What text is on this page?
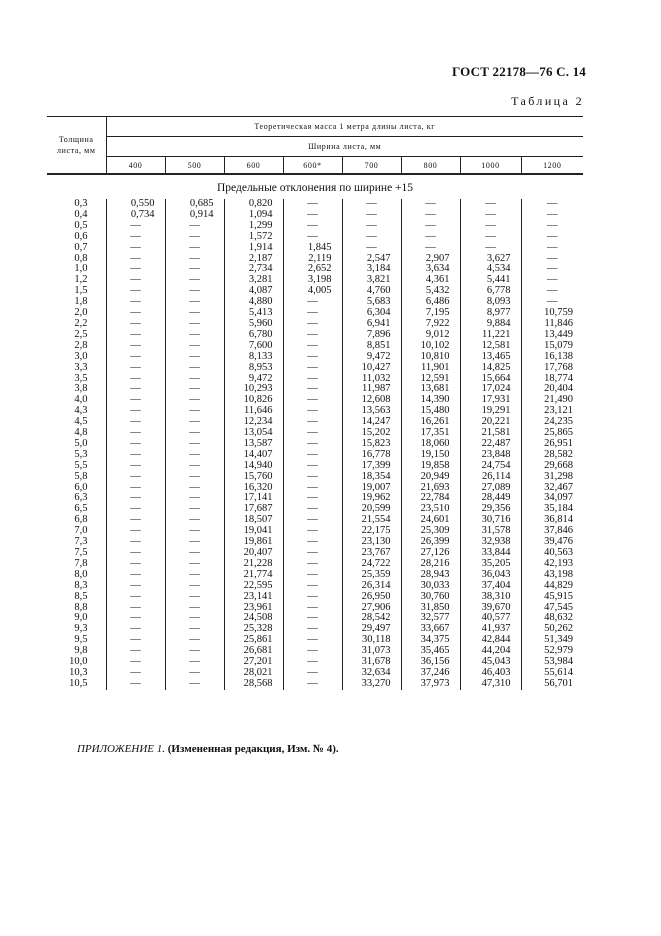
ГОСТ 22178—76 С. 14
Таблица 2
Толщина листа, мм	Теоретическая масса 1 метра длины листа, кг							
	Ширина листа, мм							
	400	500	600	600*	700	800	1000	1200
Предельные отклонения по ширине +15								
0,3	0,550	0,685	0,820	—	—	—	—	—
0,4	0,734	0,914	1,094	—	—	—	—	—
0,5	—	—	1,299	—	—	—	—	—
0,6	—	—	1,572	—	—	—	—	—
0,7	—	—	1,914	1,845	—	—	—	—
0,8	—	—	2,187	2,119	2,547	2,907	3,627	—
1,0	—	—	2,734	2,652	3,184	3,634	4,534	—
1,2	—	—	3,281	3,198	3,821	4,361	5,441	—
1,5	—	—	4,087	4,005	4,760	5,432	6,778	—
1,8	—	—	4,880	—	5,683	6,486	8,093	—
2,0	—	—	5,413	—	6,304	7,195	8,977	10,759
2,2	—	—	5,960	—	6,941	7,922	9,884	11,846
2,5	—	—	6,780	—	7,896	9,012	11,221	13,449
2,8	—	—	7,600	—	8,851	10,102	12,581	15,079
3,0	—	—	8,133	—	9,472	10,810	13,465	16,138
3,3	—	—	8,953	—	10,427	11,901	14,825	17,768
3,5	—	—	9,472	—	11,032	12,591	15,664	18,774
3,8	—	—	10,293	—	11,987	13,681	17,024	20,404
4,0	—	—	10,826	—	12,608	14,390	17,931	21,490
4,3	—	—	11,646	—	13,563	15,480	19,291	23,121
4,5	—	—	12,234	—	14,247	16,261	20,221	24,235
4,8	—	—	13,054	—	15,202	17,351	21,581	25,865
5,0	—	—	13,587	—	15,823	18,060	22,487	26,951
5,3	—	—	14,407	—	16,778	19,150	23,848	28,582
5,5	—	—	14,940	—	17,399	19,858	24,754	29,668
5,8	—	—	15,760	—	18,354	20,949	26,114	31,298
6,0	—	—	16,320	—	19,007	21,693	27,089	32,467
6,3	—	—	17,141	—	19,962	22,784	28,449	34,097
6,5	—	—	17,687	—	20,599	23,510	29,356	35,184
6,8	—	—	18,507	—	21,554	24,601	30,716	36,814
7,0	—	—	19,041	—	22,175	25,309	31,578	37,846
7,3	—	—	19,861	—	23,130	26,399	32,938	39,476
7,5	—	—	20,407	—	23,767	27,126	33,844	40,563
7,8	—	—	21,228	—	24,722	28,216	35,205	42,193
8,0	—	—	21,774	—	25,359	28,943	36,043	43,198
8,3	—	—	22,595	—	26,314	30,033	37,404	44,829
8,5	—	—	23,141	—	26,950	30,760	38,310	45,915
8,8	—	—	23,961	—	27,906	31,850	39,670	47,545
9,0	—	—	24,508	—	28,542	32,577	40,577	48,632
9,3	—	—	25,328	—	29,497	33,667	41,937	50,262
9,5	—	—	25,861	—	30,118	34,375	42,844	51,349
9,8	—	—	26,681	—	31,073	35,465	44,204	52,979
10,0	—	—	27,201	—	31,678	36,156	45,043	53,984
10,3	—	—	28,021	—	32,634	37,246	46,403	55,614
10,5	—	—	28,568	—	33,270	37,973	47,310	56,701
ПРИЛОЖЕНИЕ 1. (Измененная редакция, Изм. № 4).
